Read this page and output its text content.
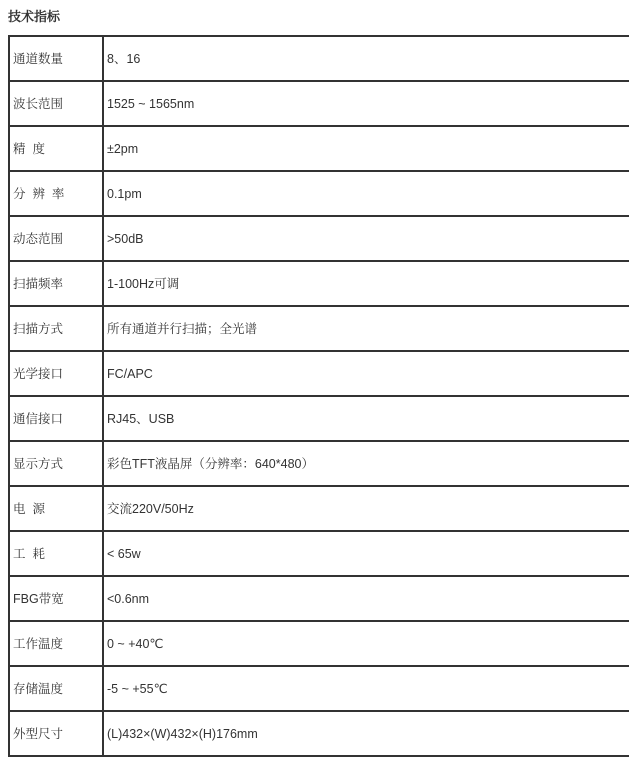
技术指标
通道数量	8、16
波长范围	1525 ~ 1565nm
精  度	±2pm
分  辨  率	0.1pm
动态范围	>50dB
扫描频率	1-100Hz可调
扫描方式	所有通道并行扫描；全光谱
光学接口	FC/APC
通信接口	RJ45、USB
显示方式	彩色TFT液晶屏（分辨率：640*480）
电  源	交流220V/50Hz
工  耗	< 65w
FBG带宽	<0.6nm
工作温度	0 ~ +40℃
存储温度	-5 ~ +55℃
外型尺寸	(L)432×(W)432×(H)176mm
